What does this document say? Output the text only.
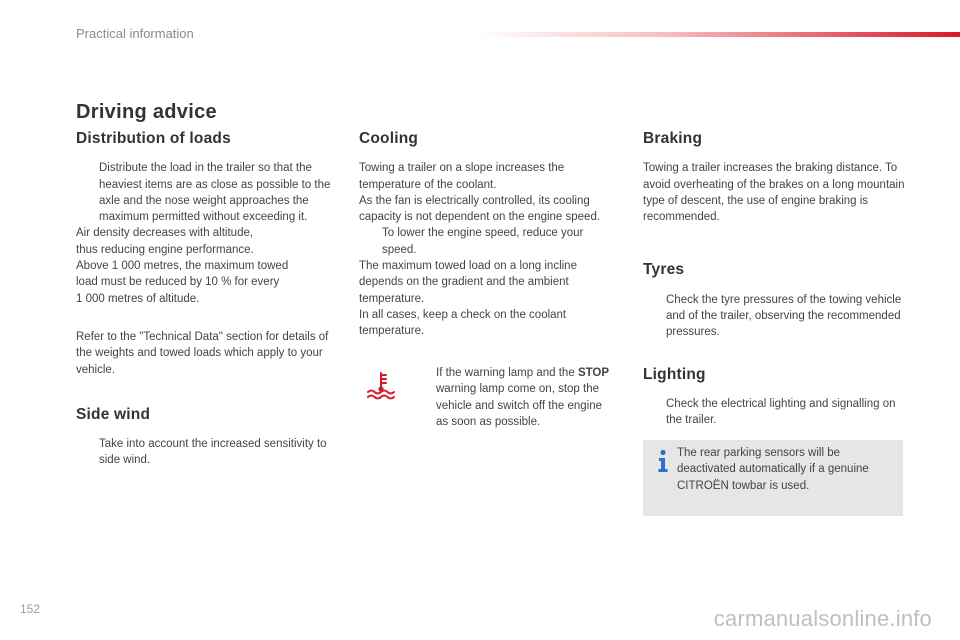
Practical information
Driving advice
Distribution of loads
Distribute the load in the trailer so that the heaviest items are as close as possible to the axle and the nose weight approaches the maximum permitted without exceeding it.

Air density decreases with altitude,

thus reducing engine performance.

Above 1 000 metres, the maximum towed

load must be reduced by 10 % for every

1 000 metres of altitude.

Refer to the "Technical Data" section for details of the weights and towed loads which apply to your vehicle.

Side wind
Take into account the increased sensitivity to side wind.
Cooling

Towing a trailer on a slope increases the temperature of the coolant.

As the fan is electrically controlled, its cooling capacity is not dependent on the engine speed.

To lower the engine speed, reduce your speed.

The maximum towed load on a long incline depends on the gradient and the ambient temperature.

In all cases, keep a check on the coolant temperature.

If the warning lamp and the STOP warning lamp come on, stop the vehicle and switch off the engine as soon as possible.
Braking

Towing a trailer increases the braking distance. To avoid overheating of the brakes on a long mountain type of descent, the use of engine braking is recommended.

Tyres
Check the tyre pressures of the towing vehicle and of the trailer, observing the recommended pressures.
Lighting
Check the electrical lighting and signalling on the trailer.
The rear parking sensors will be deactivated automatically if a genuine CITROËN towbar is used.
152	carmanualsonline.info
